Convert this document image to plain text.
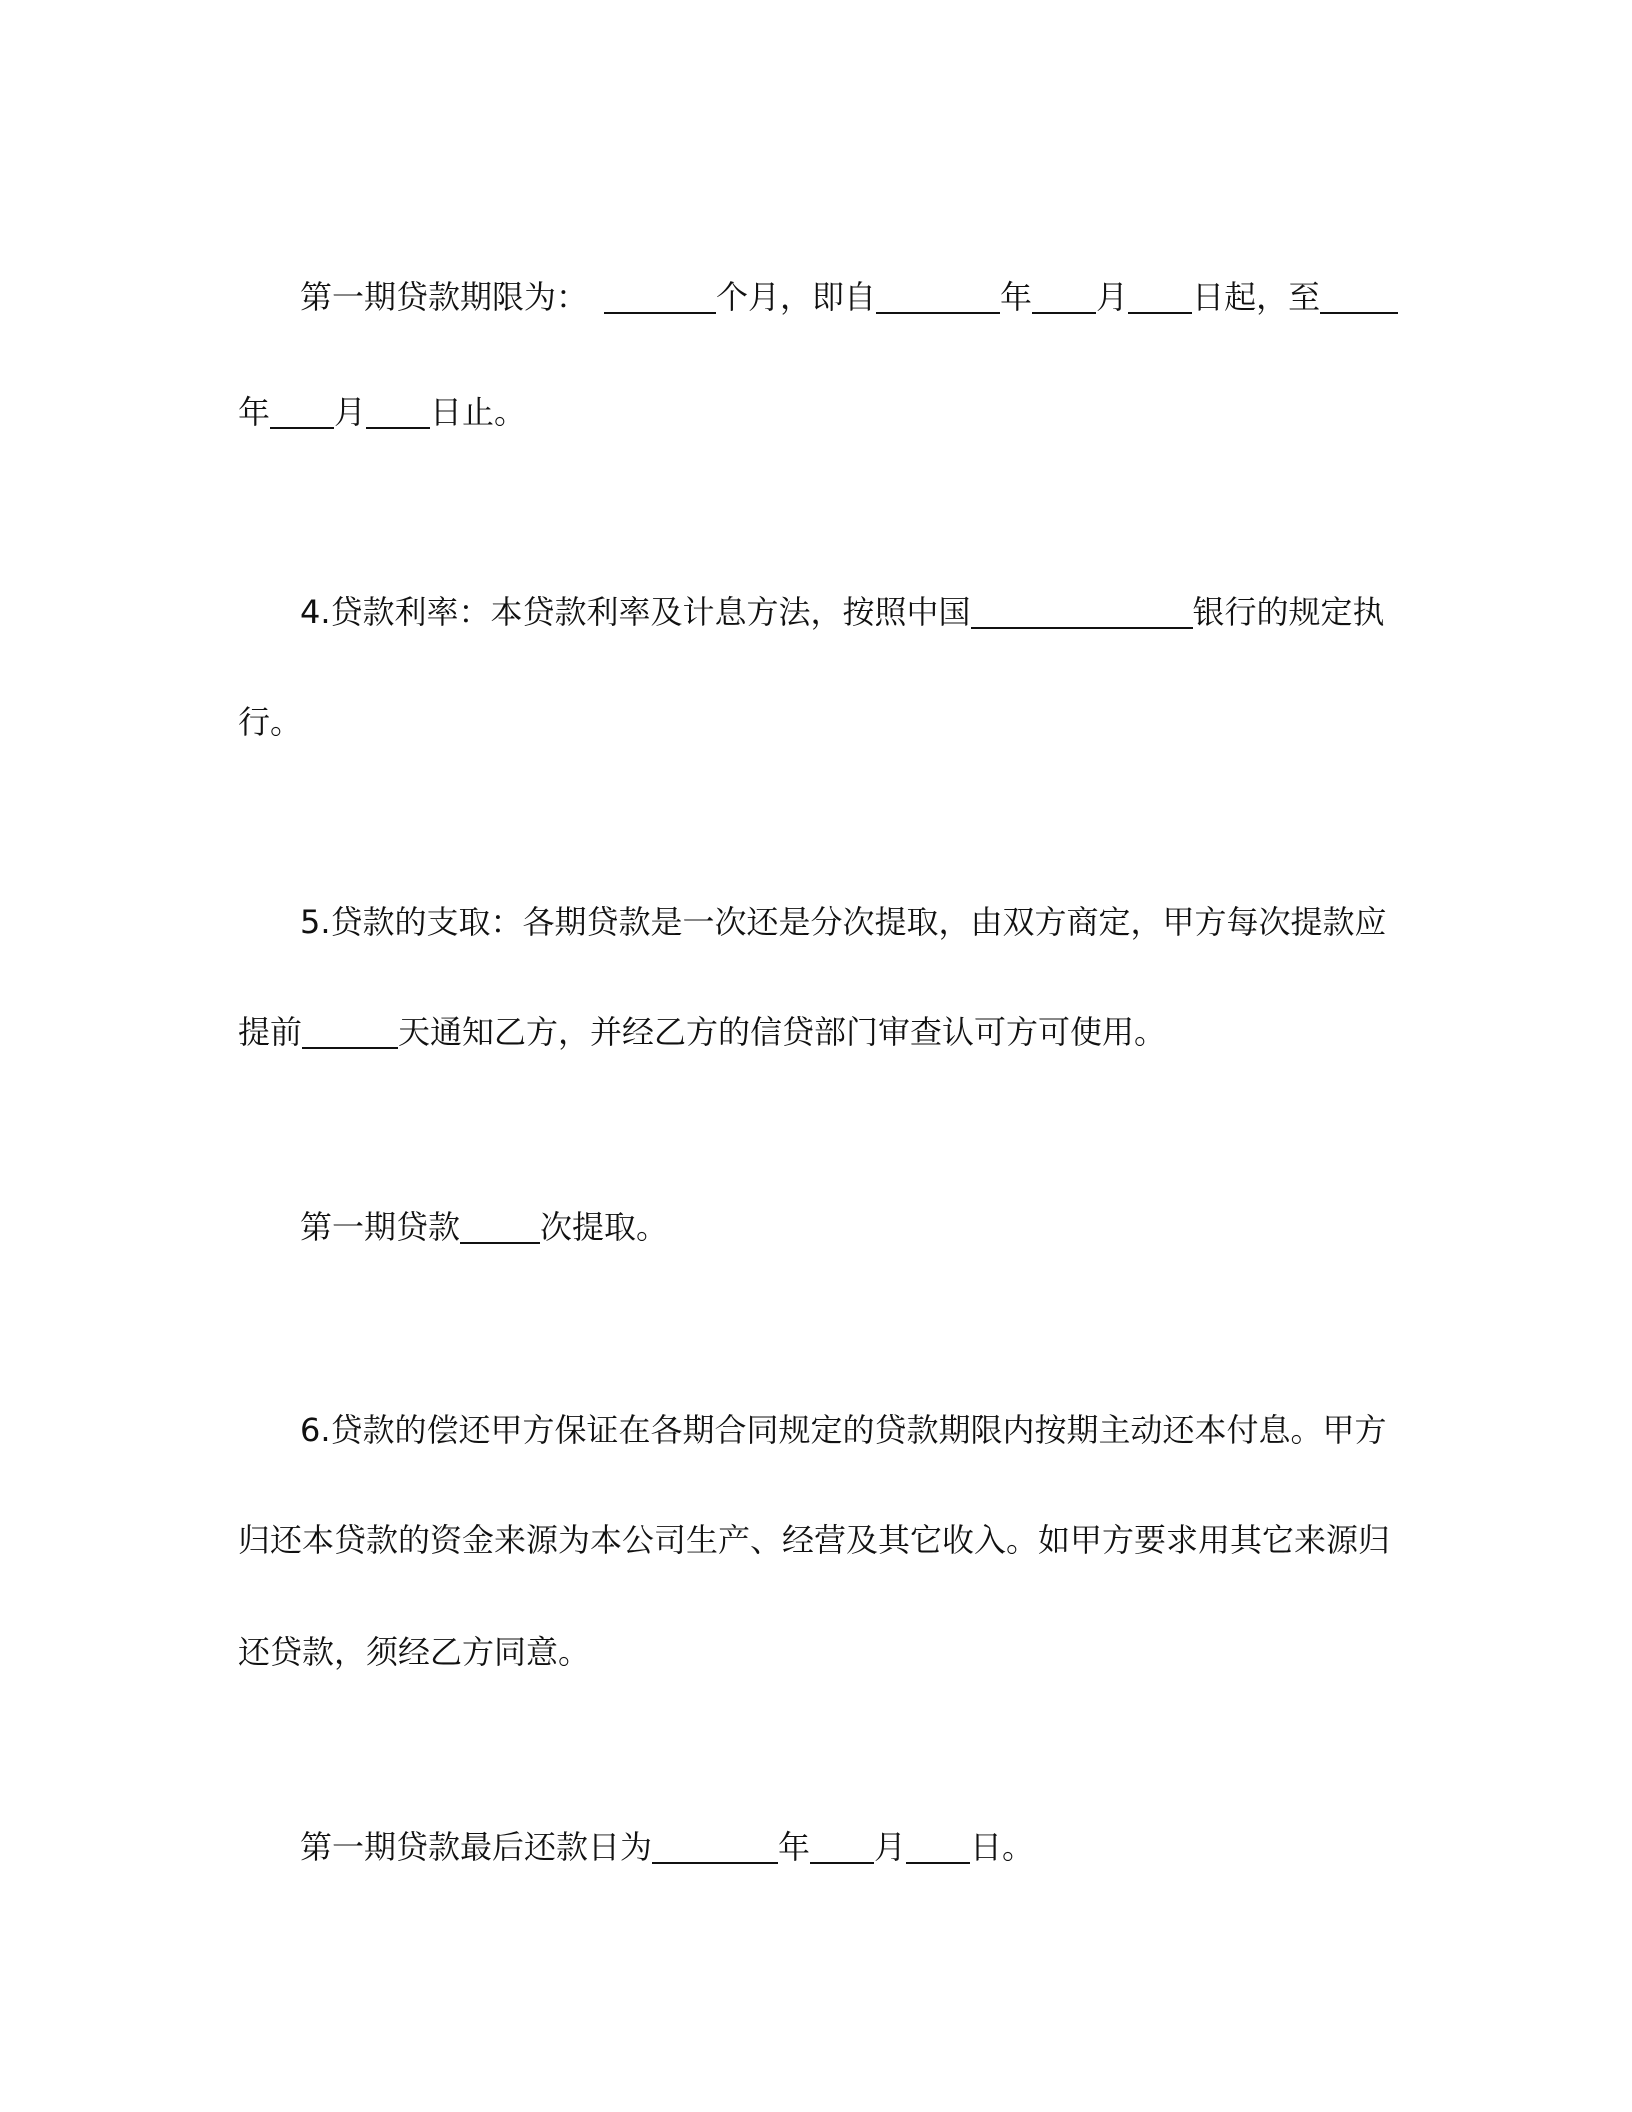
第一期贷款期限为：	个月，即自	年 月 日起，至
年 月 日止。
4.贷款利率：本贷款利率及计息方法，按照中国	银行的规定执
行。
5.贷款的支取：各期贷款是一次还是分次提取，由双方商定，甲方每次提款应
提前	天通知乙方，并经乙方的信贷部门审查认可方可使用。
第一期贷款	次提取。
6.贷款的偿还甲方保证在各期合同规定的贷款期限内按期主动还本付息。甲方
归还本贷款的资金来源为本公司生产、经营及其它收入。如甲方要求用其它来源归
还贷款，须经乙方同意。
第一期贷款最后还款日为	年 月 日。
